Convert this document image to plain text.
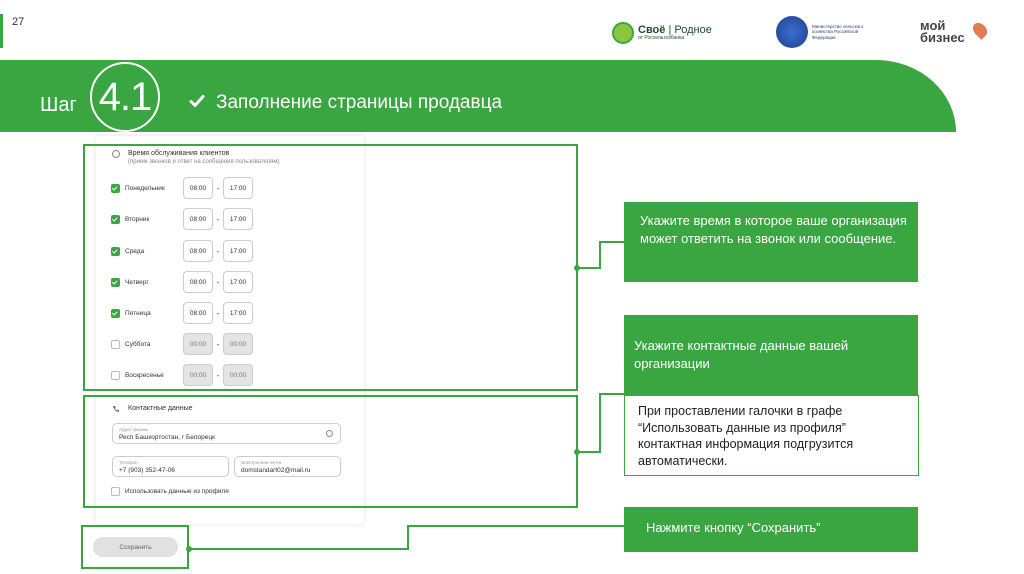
27
Своё | Родное
от Россельхозбанка
Министерство сельского хозяйства Российской Федерации
мой
бизнес
Шаг 4.1	Заполнение страницы продавца
Время обслуживания клиентов
(прием звонков и ответ на сообщения пользователям)
Понедельник	08:00	-	17:00
Вторник	08:00	-	17:00
Среда	08:00	-	17:00
Четверг	08:00	-	17:00
Пятница	08:00	-	17:00
Суббота	00:00	-	00:00
Воскресенье	00:00	-	00:00
Контактные данные
Адрес фермы
Респ Башкортостан, г Белорецк
Телефон
+7 (903) 352-47-06
Электронная почта
domstandart02@mail.ru
Использовать данные из профиля
Сохранить
Укажите время в которое ваше организация может ответить на звонок или сообщение.
Укажите контактные данные вашей организации
При проставлении галочки в графе “Использовать данные из профиля” контактная информация подгрузится автоматически.
Нажмите кнопку “Сохранить”
